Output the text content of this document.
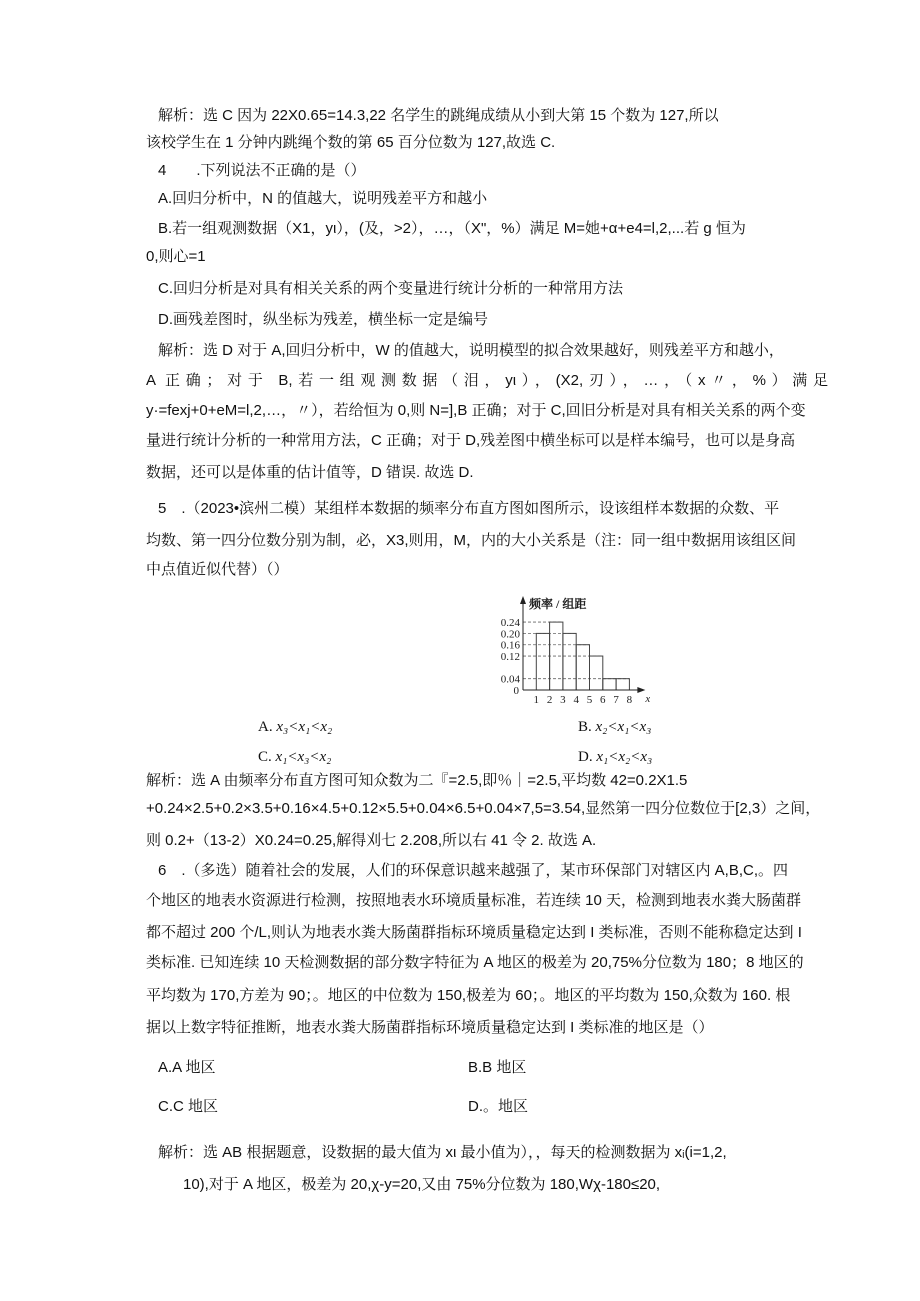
解析：选 C 因为 22X0.65=14.3,22 名学生的跳绳成绩从小到大第 15 个数为 127,所以
该校学生在 1 分钟内跳绳个数的第 65 百分位数为 127,故选 C.
4　　.下列说法不正确的是（）
A.回归分析中，N 的值越大，说明残差平方和越小
B.若一组观测数据（X1，yι），(及，>2），…，（X"，%）满足 M=她+α+e4=l,2,...若 g 恒为
0,则心=1
C.回归分析是对具有相关关系的两个变量进行统计分析的一种常用方法
D.画残差图时，纵坐标为残差，横坐标一定是编号
解析：选 D 对于 A,回归分析中，W 的值越大，说明模型的拟合效果越好，则残差平方和越小，
A 正确；对于 B,若一组观测数据（泪，yι），(X2,刃），…，（x〃，%）满足
y·=fexj+0+eM=l,2,…，〃），若给恒为 0,则 N=],B 正确；对于 C,回旧分析是对具有相关关系的两个变
量进行统计分析的一种常用方法，C 正确；对于 D,残差图中横坐标可以是样本编号，也可以是身高
数据，还可以是体重的估计值等，D 错误. 故选 D.
5　.（2023•滨州二模）某组样本数据的频率分布直方图如图所示，设该组样本数据的众数、平
均数、第一四分位数分别为制，必，X3,则用，M，内的大小关系是（注：同一组中数据用该组区间
中点值近似代替）（）
0.24
0.20
0.16
0.12
0.04
1 2 3 4 5 6 7 8
0
x
频率 / 组距
A. x₃<x₁<x₂	B. x₂<x₁<x₃
C. x₁<x₃<x₂	D. x₁<x₂<x₃
解析：选 A 由频率分布直方图可知众数为二『=2.5,即％｜=2.5,平均数 42=0.2X1.5
+0.24×2.5+0.2×3.5+0.16×4.5+0.12×5.5+0.04×6.5+0.04×7,5=3.54,显然第一四分位数位于[2,3）之间，
则 0.2+（13-2）X0.24=0.25,解得刈七 2.208,所以右 41 令 2. 故选 A.
6　.（多选）随着社会的发展，人们的环保意识越来越强了，某市环保部门对辖区内 A,B,C,。四
个地区的地表水资源进行检测，按照地表水环境质量标准，若连续 10 天，检测到地表水粪大肠菌群
都不超过 200 个/L,则认为地表水粪大肠菌群指标环境质量稳定达到 I 类标准，否则不能称稳定达到 I
类标准. 已知连续 10 天检测数据的部分数字特征为 A 地区的极差为 20,75%分位数为 180；8 地区的
平均数为 170,方差为 90；。地区的中位数为 150,极差为 60；。地区的平均数为 150,众数为 160. 根
据以上数字特征推断，地表水粪大肠菌群指标环境质量稳定达到 I 类标准的地区是（）
A.A 地区	B.B 地区
C.C 地区	D.。地区
解析：选 AB 根据题意，设数据的最大值为 xι 最小值为），，每天的检测数据为 xᵢ(i=1,2,
10),对于 A 地区，极差为 20,χ-y=20,又由 75%分位数为 180,Wχ-180≤20,
